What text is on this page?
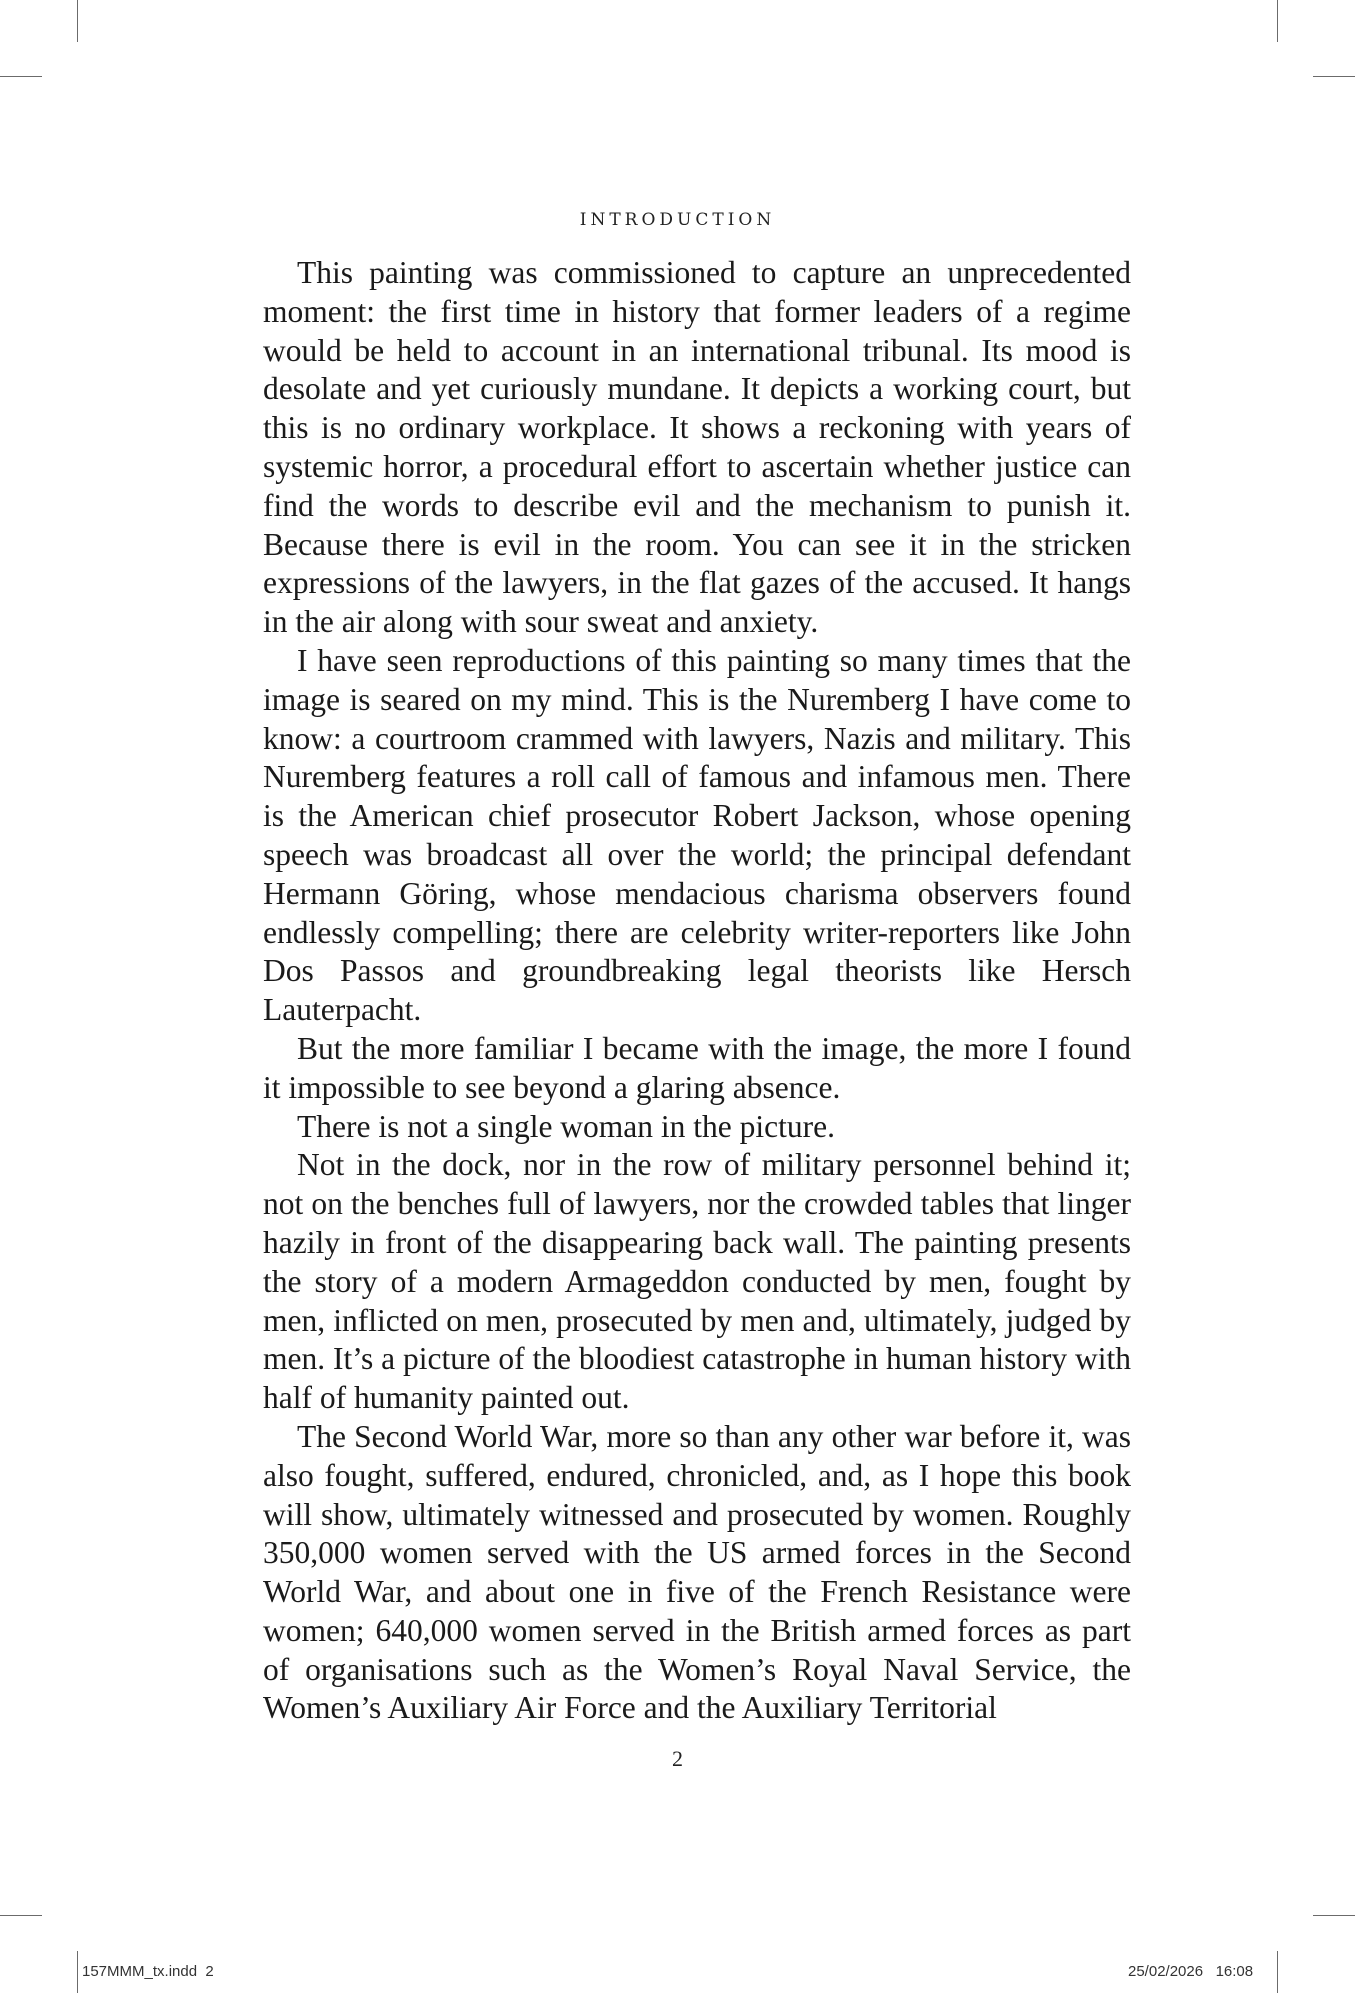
INTRODUCTION

This painting was commissioned to capture an unprecedented moment: the first time in history that former leaders of a regime would be held to account in an international tribunal. Its mood is desolate and yet curiously mundane. It depicts a working court, but this is no ordinary workplace. It shows a reckoning with years of systemic horror, a procedural effort to ascertain whether justice can find the words to describe evil and the mechanism to punish it. Because there is evil in the room. You can see it in the stricken expressions of the lawyers, in the flat gazes of the accused. It hangs in the air along with sour sweat and anxiety.

I have seen reproductions of this painting so many times that the image is seared on my mind. This is the Nuremberg I have come to know: a courtroom crammed with lawyers, Nazis and military. This Nuremberg features a roll call of famous and infamous men. There is the American chief prosecutor Robert Jackson, whose opening speech was broadcast all over the world; the principal defendant Hermann Göring, whose mendacious charisma observers found endlessly compelling; there are celebrity writer-reporters like John Dos Passos and groundbreaking legal theorists like Hersch Lauterpacht.

But the more familiar I became with the image, the more I found it impossible to see beyond a glaring absence.

There is not a single woman in the picture.

Not in the dock, nor in the row of military personnel behind it; not on the benches full of lawyers, nor the crowded tables that linger hazily in front of the disappearing back wall. The painting presents the story of a modern Armageddon conducted by men, fought by men, inflicted on men, prosecuted by men and, ultimately, judged by men. It’s a picture of the bloodiest catastrophe in human history with half of humanity painted out.

The Second World War, more so than any other war before it, was also fought, suffered, endured, chronicled, and, as I hope this book will show, ultimately witnessed and prosecuted by women. Roughly 350,000 women served with the US armed forces in the Second World War, and about one in five of the French Resistance were women; 640,000 women served in the British armed forces as part of organisations such as the Women’s Royal Naval Service, the Women’s Auxiliary Air Force and the Auxiliary Territorial

2
157MMM_tx.indd  2	25/02/2026   16:08
